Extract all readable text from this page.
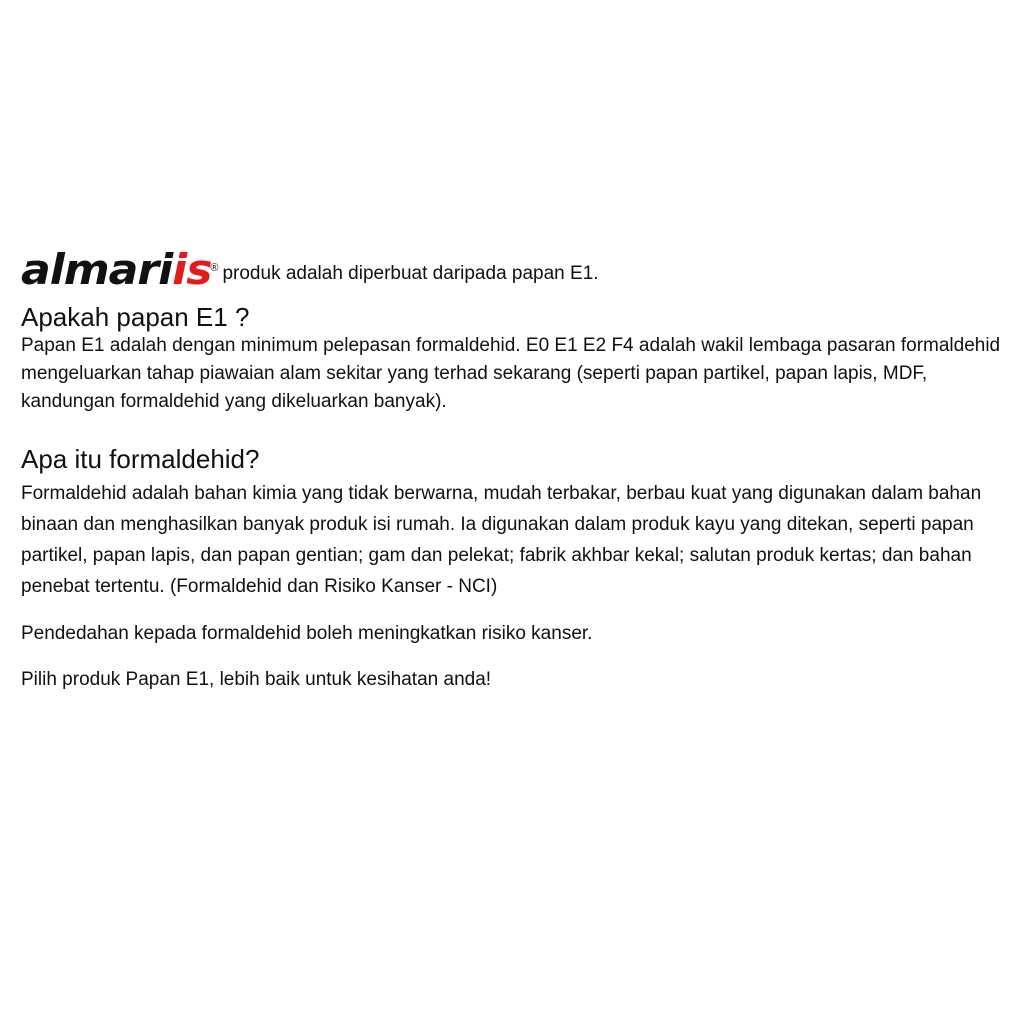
almariis
® produk adalah diperbuat daripada papan E1.
Apakah papan E1 ?

Papan E1 adalah dengan minimum pelepasan formaldehid. E0 E1 E2 F4 adalah wakil lembaga pasaran formaldehid mengeluarkan tahap piawaian alam sekitar yang terhad sekarang (seperti papan partikel, papan lapis, MDF, kandungan formaldehid yang dikeluarkan banyak).

Apa itu formaldehid?

Formaldehid adalah bahan kimia yang tidak berwarna, mudah terbakar, berbau kuat yang digunakan dalam bahan binaan dan menghasilkan banyak produk isi rumah. Ia digunakan dalam produk kayu yang ditekan, seperti papan partikel, papan lapis, dan papan gentian; gam dan pelekat; fabrik akhbar kekal; salutan produk kertas; dan bahan penebat tertentu. (Formaldehid dan Risiko Kanser - NCI)

Pendedahan kepada formaldehid boleh meningkatkan risiko kanser.

Pilih produk Papan E1, lebih baik untuk kesihatan anda!
